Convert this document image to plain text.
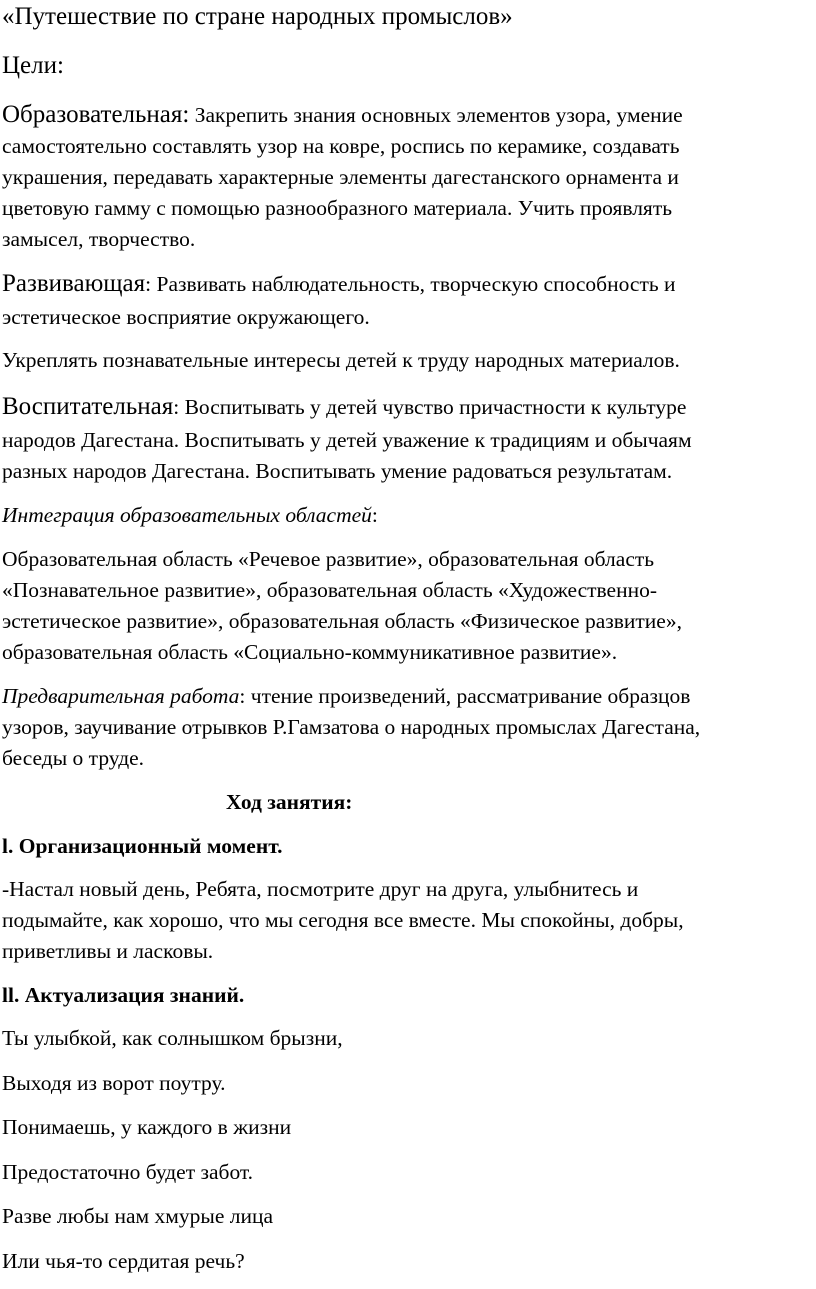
«Путешествие по стране народных промыслов»

Цели:

Образовательная: Закрепить знания основных элементов узора, умение

самостоятельно составлять узор на ковре, роспись по керамике, создавать

украшения, передавать характерные элементы дагестанского орнамента и

цветовую гамму с помощью разнообразного материала. Учить проявлять

замысел, творчество.

Развивающая: Развивать наблюдательность, творческую способность и

эстетическое восприятие окружающего.

Укреплять познавательные интересы детей к труду народных материалов.

Воспитательная: Воспитывать у детей чувство причастности к культуре

народов Дагестана. Воспитывать у детей уважение к традициям и обычаям

разных народов Дагестана. Воспитывать умение радоваться результатам.

Интеграция образовательных областей:

Образовательная область «Речевое развитие», образовательная область

«Познавательное развитие», образовательная область «Художественно-

эстетическое развитие», образовательная область «Физическое развитие»,

образовательная область «Социально-коммуникативное развитие».

Предварительная работа: чтение произведений, рассматривание образцов

узоров, заучивание отрывков Р.Гамзатова о народных промыслах Дагестана,

беседы о труде.

Ход занятия:

l. Организационный момент.

-Настал новый день, Ребята, посмотрите друг на друга, улыбнитесь и

подымайте, как хорошо, что мы сегодня все вместе. Мы спокойны, добры,

приветливы и ласковы.

ll. Актуализация знаний.

Ты улыбкой, как солнышком брызни,

Выходя из ворот поутру.

Понимаешь, у каждого в жизни

Предостаточно будет забот.

Разве любы нам хмурые лица

Или чья-то сердитая речь?
